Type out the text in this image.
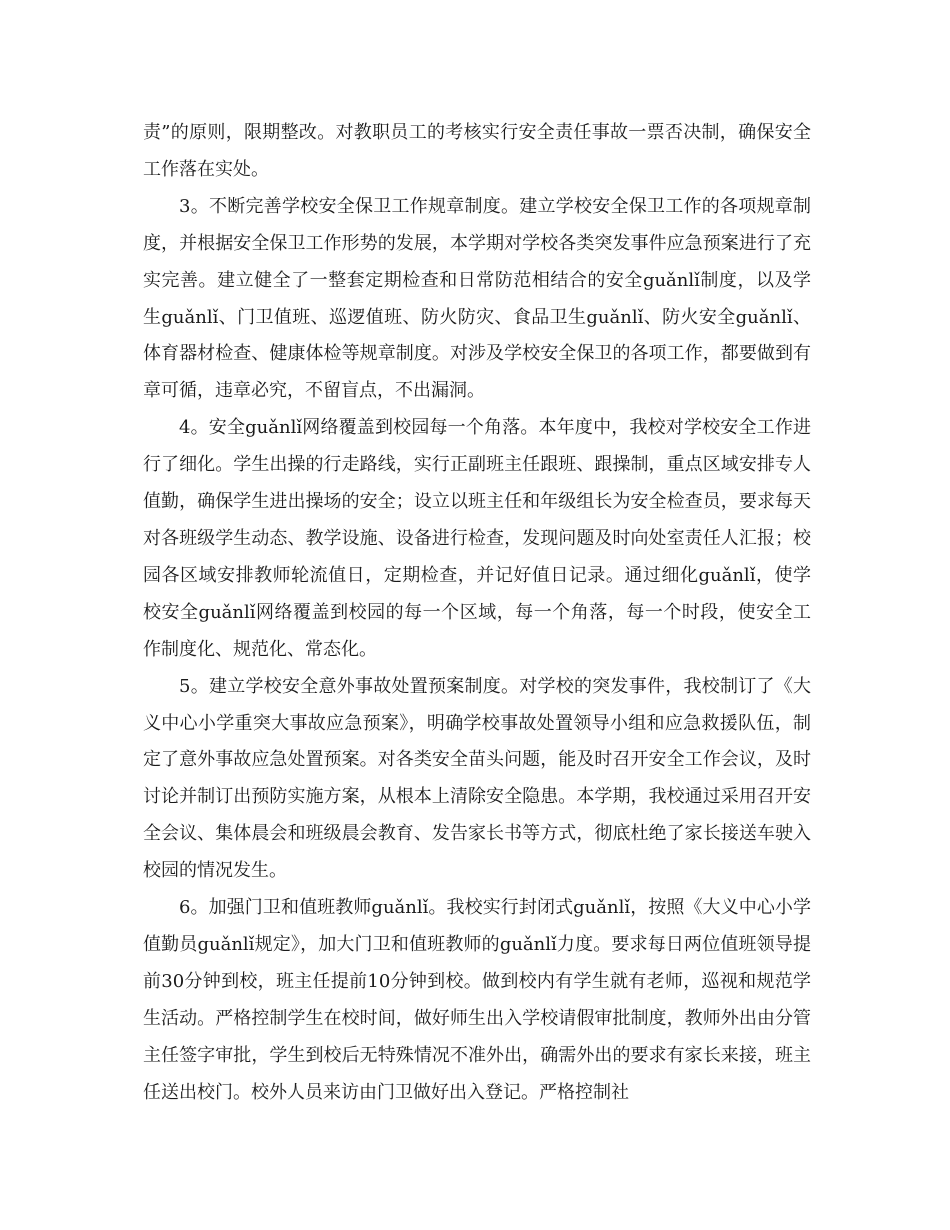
责”的原则，限期整改。对教职员工的考核实行安全责任事故一票否决制，确保安全工作落在实处。

3。不断完善学校安全保卫工作规章制度。建立学校安全保卫工作的各项规章制度，并根据安全保卫工作形势的发展，本学期对学校各类突发事件应急预案进行了充实完善。建立健全了一整套定期检查和日常防范相结合的安全guǎnlǐ制度，以及学生guǎnlǐ、门卫值班、巡逻值班、防火防灾、食品卫生guǎnlǐ、防火安全guǎnlǐ、体育器材检查、健康体检等规章制度。对涉及学校安全保卫的各项工作，都要做到有章可循，违章必究，不留盲点，不出漏洞。

4。安全guǎnlǐ网络覆盖到校园每一个角落。本年度中，我校对学校安全工作进行了细化。学生出操的行走路线，实行正副班主任跟班、跟操制，重点区域安排专人值勤，确保学生进出操场的安全；设立以班主任和年级组长为安全检查员，要求每天对各班级学生动态、教学设施、设备进行检查，发现问题及时向处室责任人汇报；校园各区域安排教师轮流值日，定期检查，并记好值日记录。通过细化guǎnlǐ，使学校安全guǎnlǐ网络覆盖到校园的每一个区域，每一个角落，每一个时段，使安全工作制度化、规范化、常态化。

5。建立学校安全意外事故处置预案制度。对学校的突发事件，我校制订了《大义中心小学重突大事故应急预案》，明确学校事故处置领导小组和应急救援队伍，制定了意外事故应急处置预案。对各类安全苗头问题，能及时召开安全工作会议，及时讨论并制订出预防实施方案，从根本上清除安全隐患。本学期，我校通过采用召开安全会议、集体晨会和班级晨会教育、发告家长书等方式，彻底杜绝了家长接送车驶入校园的情况发生。

6。加强门卫和值班教师guǎnlǐ。我校实行封闭式guǎnlǐ，按照《大义中心小学值勤员guǎnlǐ规定》，加大门卫和值班教师的guǎnlǐ力度。要求每日两位值班领导提前30分钟到校，班主任提前10分钟到校。做到校内有学生就有老师，巡视和规范学生活动。严格控制学生在校时间，做好师生出入学校请假审批制度，教师外出由分管主任签字审批，学生到校后无特殊情况不准外出，确需外出的要求有家长来接，班主任送出校门。校外人员来访由门卫做好出入登记。严格控制社
